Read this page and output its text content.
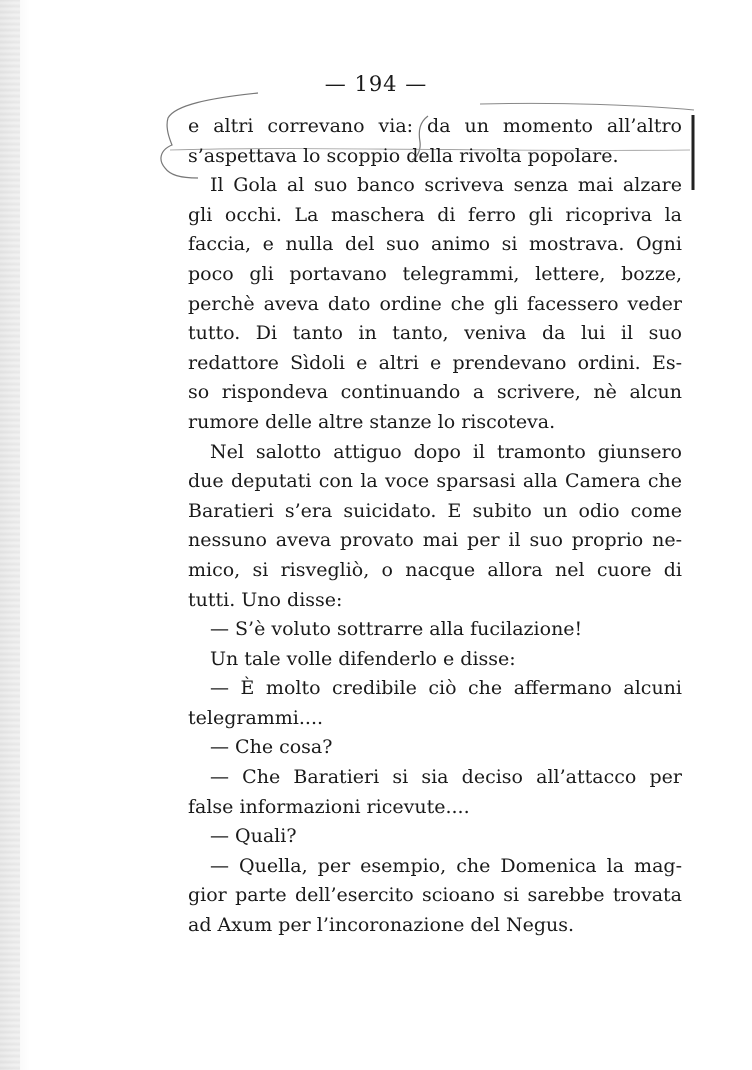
— 194 —
e altri correvano via: da un momento all’altro
s’aspettava lo scoppio della rivolta popolare.
Il Gola al suo banco scriveva senza mai alzare
gli occhi. La maschera di ferro gli ricopriva la
faccia, e nulla del suo animo si mostrava. Ogni
poco gli portavano telegrammi, lettere, bozze,
perchè aveva dato ordine che gli facessero veder
tutto. Di tanto in tanto, veniva da lui il suo
redattore Sìdoli e altri e prendevano ordini. Es-
so rispondeva continuando a scrivere, nè alcun
rumore delle altre stanze lo riscoteva.
Nel salotto attiguo dopo il tramonto giunsero
due deputati con la voce sparsasi alla Camera che
Baratieri s’era suicidato. E subito un odio come
nessuno aveva provato mai per il suo proprio ne-
mico, si risvegliò, o nacque allora nel cuore di
tutti. Uno disse:
— S’è voluto sottrarre alla fucilazione!
Un tale volle difenderlo e disse:
— È molto credibile ciò che affermano alcuni
telegrammi....
— Che cosa?
— Che Baratieri si sia deciso all’attacco per
false informazioni ricevute....
— Quali?
— Quella, per esempio, che Domenica la mag-
gior parte dell’esercito scioano si sarebbe trovata
ad Axum per l’incoronazione del Negus.
